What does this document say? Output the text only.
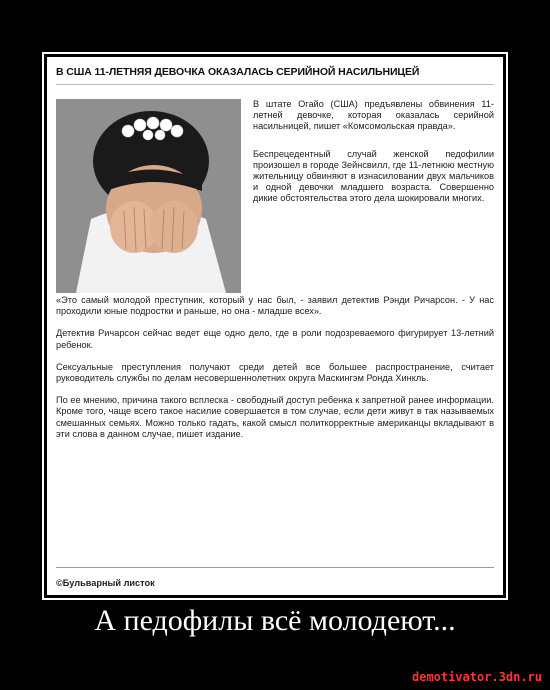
В США 11-ЛЕТНЯЯ ДЕВОЧКА ОКАЗАЛАСЬ СЕРИЙНОЙ НАСИЛЬНИЦЕЙ

В штате Огайо (США) предъявлены обвинения 11-летней девочке, которая оказалась серийной насильницей, пишет «Комсомольская правда».

Беспрецедентный случай женской педофилии произошел в городе Зейнсвилл, где 11-летнюю местную жительницу обвиняют в изнасиловании двух мальчиков и одной девочки младшего возраста. Совершенно дикие обстоятельства этого дела шокировали многих.

«Это самый молодой преступник, который у нас был, - заявил детектив Рэнди Ричарсон. - У нас проходили юные подростки и раньше, но она - младше всех».

Детектив Ричарсон сейчас ведет еще одно дело, где в роли подозреваемого фигурирует 13-летний ребенок.

Сексуальные преступления получают среди детей все большее распространение, считает руководитель службы по делам несовершеннолетних округа Маскингэм Ронда Хинкль.

По ее мнению, причина такого всплеска - свободный доступ ребенка к запретной ранее информации. Кроме того, чаще всего такое насилие совершается в том случае, если дети живут в так называемых смешанных семьях. Можно только гадать, какой смысл политкорректные американцы вкладывают в эти слова в данном случае, пишет издание.

©Бульварный листок
А педофилы всё молодеют...
demotivator.3dn.ru
